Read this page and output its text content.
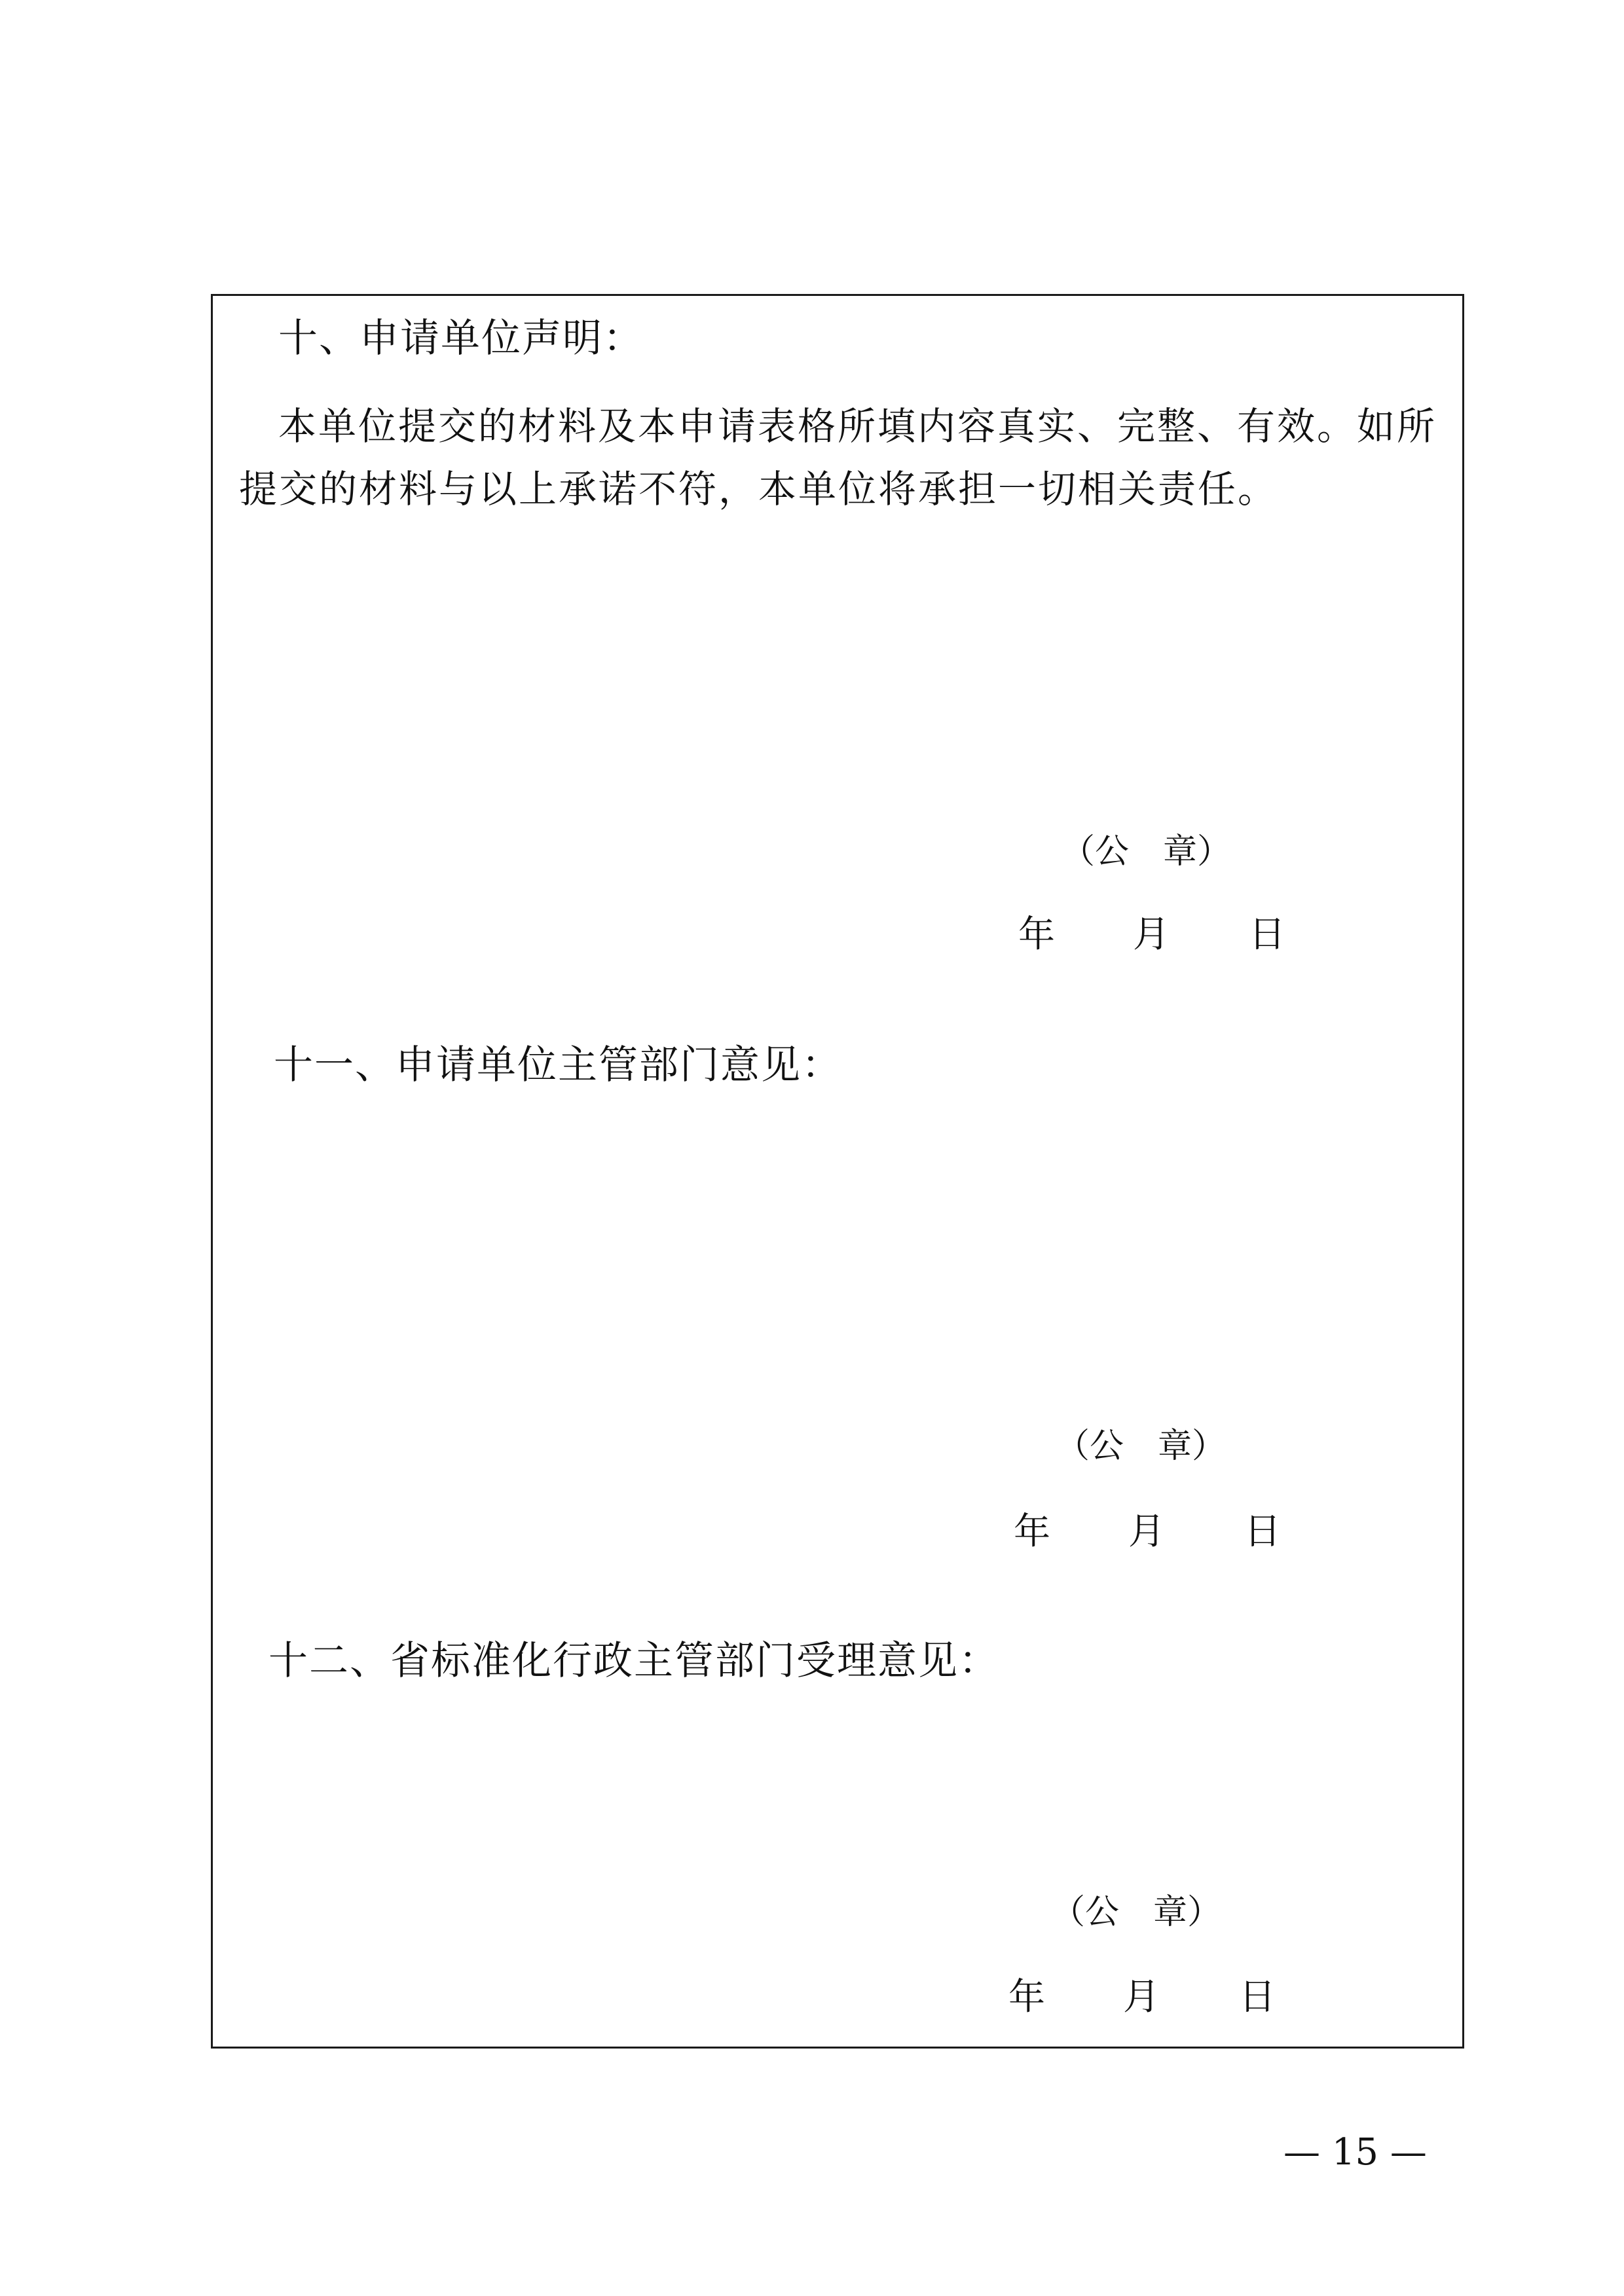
十、申请单位声明：
本单位提交的材料及本申请表格所填内容真实、完整、有效。如所
提交的材料与以上承诺不符，本单位将承担一切相关责任。
（公　章）
年 月 日
十一、申请单位主管部门意见：
（公　章）
年 月 日
十二、省标准化行政主管部门受理意见：
（公　章）
年 月 日
— 15 —
